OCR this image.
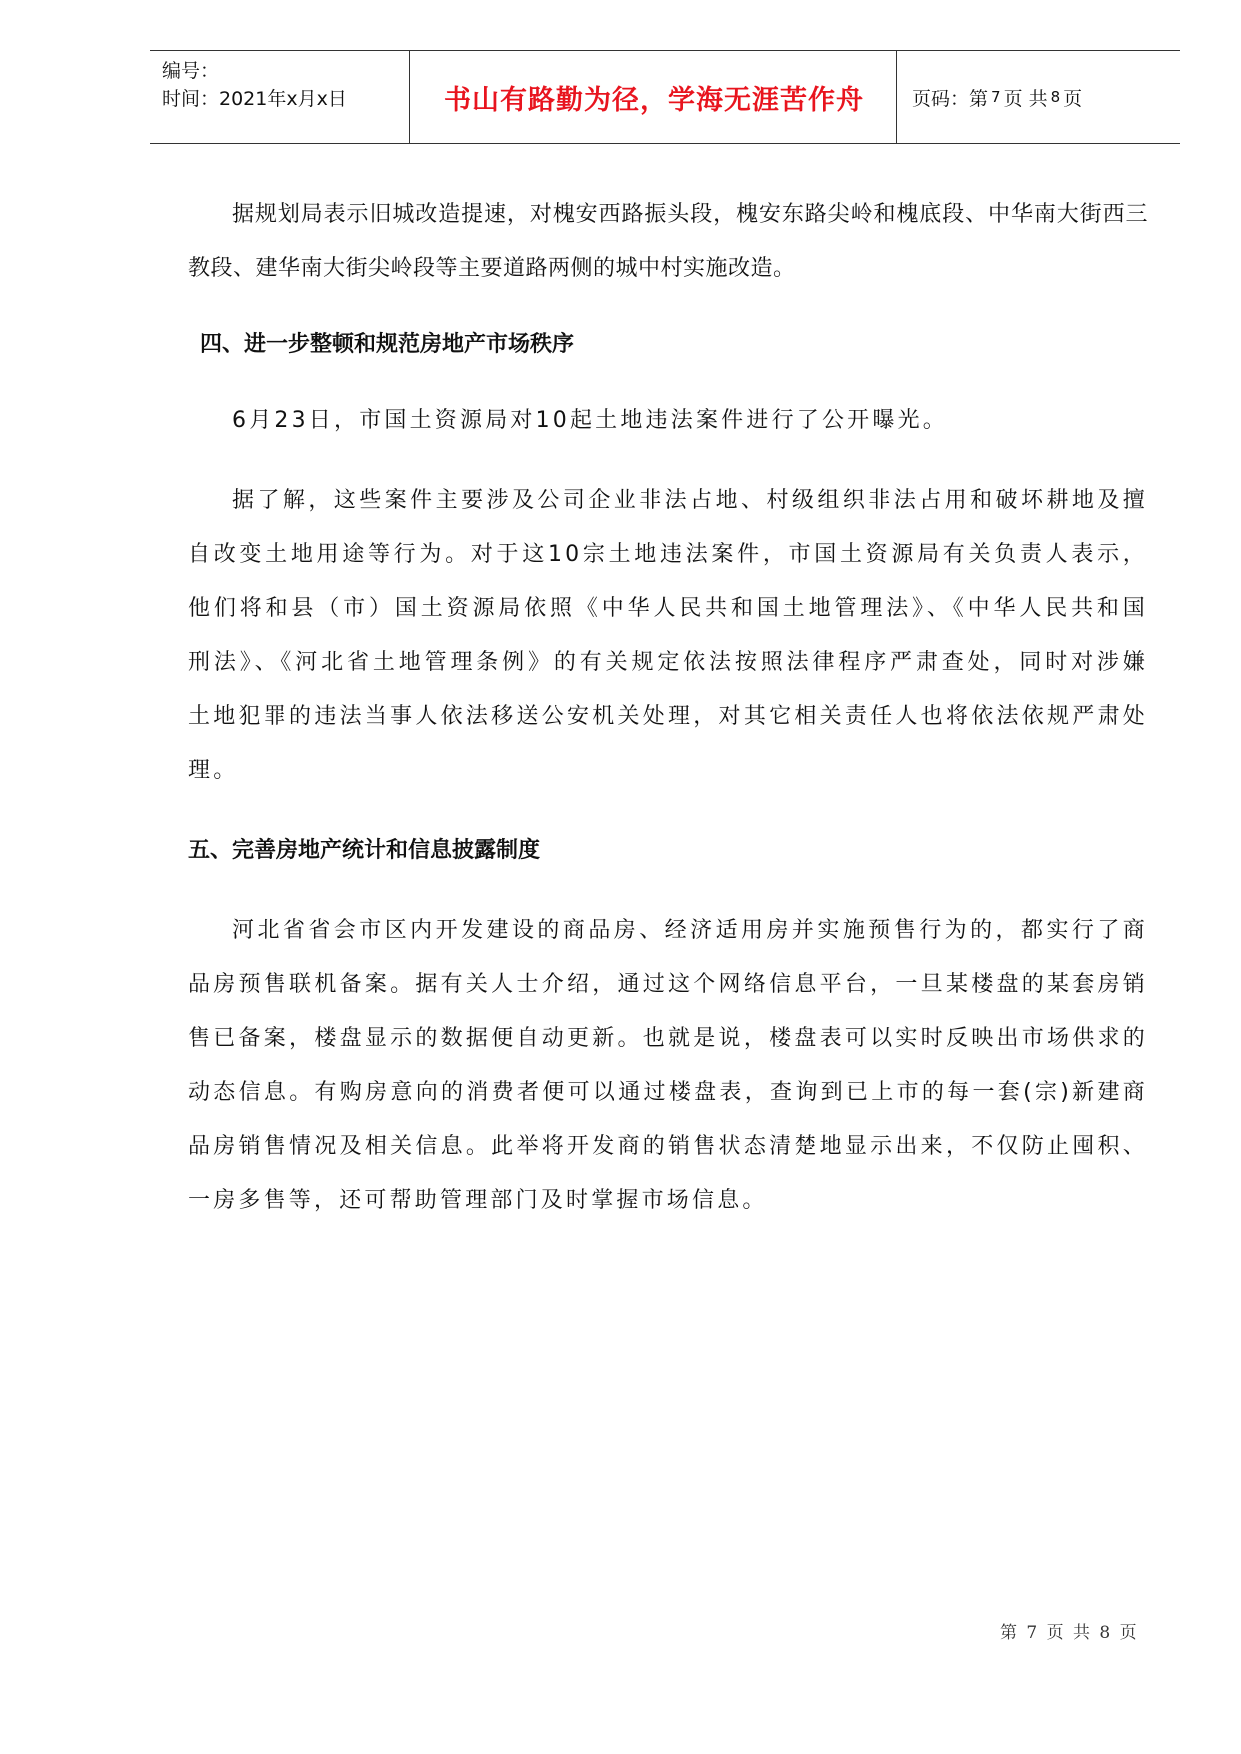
编号：
时间：2021年x月x日	书山有路勤为径，学海无涯苦作舟	页码：第 7 页 共 8 页

据规划局表示旧城改造提速，对槐安西路振头段，槐安东路尖岭和槐底段、中华南大街西三教段、建华南大街尖岭段等主要道路两侧的城中村实施改造。

四、进一步整顿和规范房地产市场秩序

6月23日，市国土资源局对10起土地违法案件进行了公开曝光。

据了解，这些案件主要涉及公司企业非法占地、村级组织非法占用和破坏耕地及擅自改变土地用途等行为。对于这10宗土地违法案件，市国土资源局有关负责人表示，他们将和县（市）国土资源局依照《中华人民共和国土地管理法》、《中华人民共和国刑法》、《河北省土地管理条例》的有关规定依法按照法律程序严肃查处，同时对涉嫌土地犯罪的违法当事人依法移送公安机关处理，对其它相关责任人也将依法依规严肃处理。

五、完善房地产统计和信息披露制度

河北省省会市区内开发建设的商品房、经济适用房并实施预售行为的，都实行了商品房预售联机备案。据有关人士介绍，通过这个网络信息平台，一旦某楼盘的某套房销售已备案，楼盘显示的数据便自动更新。也就是说，楼盘表可以实时反映出市场供求的动态信息。有购房意向的消费者便可以通过楼盘表，查询到已上市的每一套(宗)新建商品房销售情况及相关信息。此举将开发商的销售状态清楚地显示出来，不仅防止囤积、一房多售等，还可帮助管理部门及时掌握市场信息。

第 7 页 共 8 页
